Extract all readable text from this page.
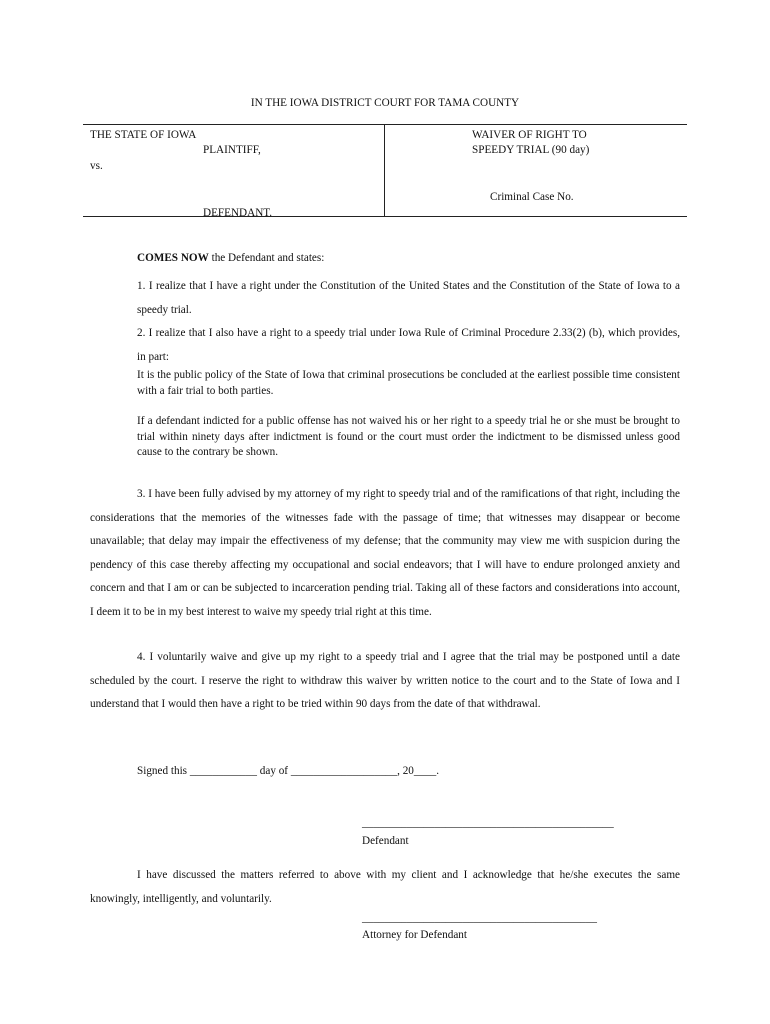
IN THE IOWA DISTRICT COURT FOR TAMA COUNTY
THE STATE OF IOWA
PLAINTIFF,
vs.
DEFENDANT.
WAIVER OF RIGHT TO
SPEEDY TRIAL (90 day)
Criminal Case No.
COMES NOW the Defendant and states:
1. I realize that I have a right under the Constitution of the United States and the Constitution of the State of Iowa to a speedy trial.
2. I realize that I also have a right to a speedy trial under Iowa Rule of Criminal Procedure 2.33(2) (b), which provides, in part:
It is the public policy of the State of Iowa that criminal prosecutions be concluded at the earliest possible time consistent with a fair trial to both parties.
If a defendant indicted for a public offense has not waived his or her right to a speedy trial he or she must be brought to trial within ninety days after indictment is found or the court must order the indictment to be dismissed unless good cause to the contrary be shown.
3. I have been fully advised by my attorney of my right to speedy trial and of the ramifications of that right, including the considerations that the memories of the witnesses fade with the passage of time; that witnesses may disappear or become unavailable; that delay may impair the effectiveness of my defense; that the community may view me with suspicion during the pendency of this case thereby affecting my occupational and social endeavors; that I will have to endure prolonged anxiety and concern and that I am or can be subjected to incarceration pending trial. Taking all of these factors and considerations into account, I deem it to be in my best interest to waive my speedy trial right at this time.
4. I voluntarily waive and give up my right to a speedy trial and I agree that the trial may be postponed until a date scheduled by the court. I reserve the right to withdraw this waiver by written notice to the court and to the State of Iowa and I understand that I would then have a right to be tried within 90 days from the date of that withdrawal.
Signed this ____________ day of ___________________, 20____.
_____________________________________________
Defendant
I have discussed the matters referred to above with my client and I acknowledge that he/she executes the same knowingly, intelligently, and voluntarily.
__________________________________________
Attorney for Defendant
